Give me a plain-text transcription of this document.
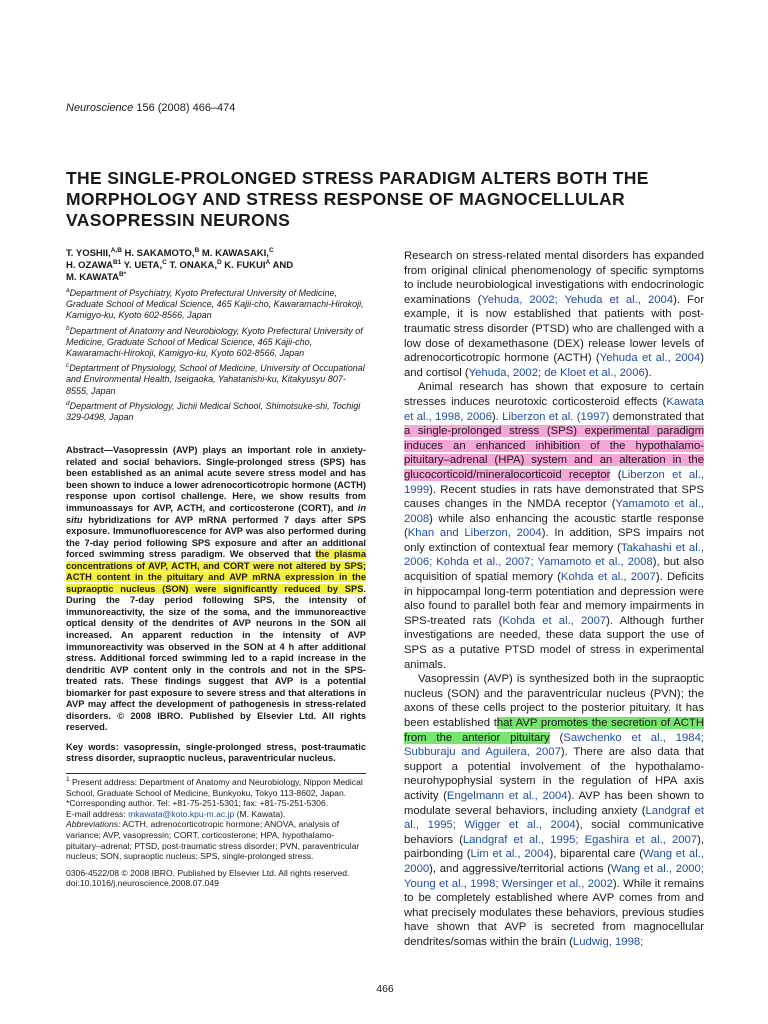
Neuroscience 156 (2008) 466–474
THE SINGLE-PROLONGED STRESS PARADIGM ALTERS BOTH THE MORPHOLOGY AND STRESS RESPONSE OF MAGNOCELLULAR VASOPRESSIN NEURONS
T. YOSHII,$^{A,B}$ H. SAKAMOTO,$^B$ M. KAWASAKI,$^C$
H. $OZAWA^{B1}$ Y. UETA,$^C$ T. ONAKA,$^D$ K. $FUKUI^A$ AND
M. $KAWATA^{B*}$

$^a$Department of Psychiatry, Kyoto Prefectural University of Medicine, Graduate School of Medical Science, 465 Kajii-cho, Kawaramachi-Hirokoji, Kamigyo-ku, Kyoto 602-8566, Japan

$^b$Department of Anatomy and Neurobiology, Kyoto Prefectural University of Medicine, Graduate School of Medical Science, 465 Kajii-cho, Kawaramachi-Hirokoji, Kamigyo-ku, Kyoto 602-8566, Japan

$^c$Deptartment of Physiology, School of Medicine, University of Occupational and Environmental Health, Iseigaoka, Yahatanishi-ku, Kitakyusyu 807-8555, Japan

$^d$Department of Physiology, Jichii Medical School, Shimotsuke-shi, Tochigi 329-0498, Japan

Abstract—Vasopressin (AVP) plays an important role in anxiety-related and social behaviors. Single-prolonged stress (SPS) has been established as an animal acute severe stress model and has been shown to induce a lower adrenocorticotropic hormone (ACTH) response upon cortisol challenge. Here, we show results from immunoassays for AVP, ACTH, and corticosterone (CORT), and in situ hybridizations for AVP mRNA performed 7 days after SPS exposure. Immunofluorescence for AVP was also performed during the 7-day period following SPS exposure and after an additional forced swimming stress paradigm. We observed that the plasma concentrations of AVP, ACTH, and CORT were not altered by SPS; ACTH content in the pituitary and AVP mRNA expression in the supraoptic nucleus (SON) were significantly reduced by SPS. During the 7-day period following SPS, the intensity of immunoreactivity, the size of the soma, and the immunoreactive optical density of the dendrites of AVP neurons in the SON all increased. An apparent reduction in the intensity of AVP immunoreactivity was observed in the SON at 4 h after additional stress. Additional forced swimming led to a rapid increase in the dendritic AVP content only in the controls and not in the SPS-treated rats. These findings suggest that AVP is a potential biomarker for past exposure to severe stress and that alterations in AVP may affect the development of pathogenesis in stress-related disorders. © 2008 IBRO. Published by Elsevier Ltd. All rights reserved.

Key words: vasopressin, single-prolonged stress, post-traumatic stress disorder, supraoptic nucleus, paraventricular nucleus.

$^1$ Present address: Department of Anatomy and Neurobiology, Nippon Medical School, Graduate School of Medicine, Bunkyoku, Tokyo 113-8602, Japan.

*Corresponding author. Tel: +81-75-251-5301; fax: +81-75-251-5306.

E-mail address: mkawata@koto.kpu-m.ac.jp (M. Kawata).

Abbreviations: ACTH, adrenocorticotropic hormone; ANOVA, analysis of variance; AVP, vasopressin; CORT, corticosterone; HPA, hypothalamo-pituitary–adrenal; PTSD, post-traumatic stress disorder; PVN, paraventricular nucleus; SON, supraoptic nucleus; SPS, single-prolonged stress.

0306-4522/08 © 2008 IBRO. Published by Elsevier Ltd. All rights reserved.

doi:10.1016/j.neuroscience.2008.07.049

Research on stress-related mental disorders has expanded from original clinical phenomenology of specific symptoms to include neurobiological investigations with endocrinologic examinations (Yehuda, 2002; Yehuda et al., 2004). For example, it is now established that patients with post-traumatic stress disorder (PTSD) who are challenged with a low dose of dexamethasone (DEX) release lower levels of adrenocorticotropic hormone (ACTH) (Yehuda et al., 2004) and cortisol (Yehuda, 2002; de Kloet et al., 2006).

Animal research has shown that exposure to certain stresses induces neurotoxic corticosteroid effects (Kawata et al., 1998, 2006). Liberzon et al. (1997) demonstrated that a single-prolonged stress (SPS) experimental paradigm induces an enhanced inhibition of the hypothalamo-pituitary–adrenal (HPA) system and an alteration in the glucocorticoid/mineralocorticoid receptor (Liberzon et al., 1999). Recent studies in rats have demonstrated that SPS causes changes in the NMDA receptor (Yamamoto et al., 2008) while also enhancing the acoustic startle response (Khan and Liberzon, 2004). In addition, SPS impairs not only extinction of contextual fear memory (Takahashi et al., 2006; Kohda et al., 2007; Yamamoto et al., 2008), but also acquisition of spatial memory (Kohda et al., 2007). Deficits in hippocampal long-term potentiation and depression were also found to parallel both fear and memory impairments in SPS-treated rats (Kohda et al., 2007). Although further investigations are needed, these data support the use of SPS as a putative PTSD model of stress in experimental animals.

Vasopressin (AVP) is synthesized both in the supraoptic nucleus (SON) and the paraventricular nucleus (PVN); the axons of these cells project to the posterior pituitary. It has been established that AVP promotes the secretion of ACTH from the anterior pituitary (Sawchenko et al., 1984; Subburaju and Aguilera, 2007). There are also data that support a potential involvement of the hypothalamo-neurohypophysial system in the regulation of HPA axis activity (Engelmann et al., 2004). AVP has been shown to modulate several behaviors, including anxiety (Landgraf et al., 1995; Wigger et al., 2004), social communicative behaviors (Landgraf et al., 1995; Egashira et al., 2007), pairbonding (Lim et al., 2004), biparental care (Wang et al., 2000), and aggressive/territorial actions (Wang et al., 2000; Young et al., 1998; Wersinger et al., 2002). While it remains to be completely established where AVP comes from and what precisely modulates these behaviors, previous studies have shown that AVP is secreted from magnocellular dendrites/somas within the brain (Ludwig, 1998;

466
